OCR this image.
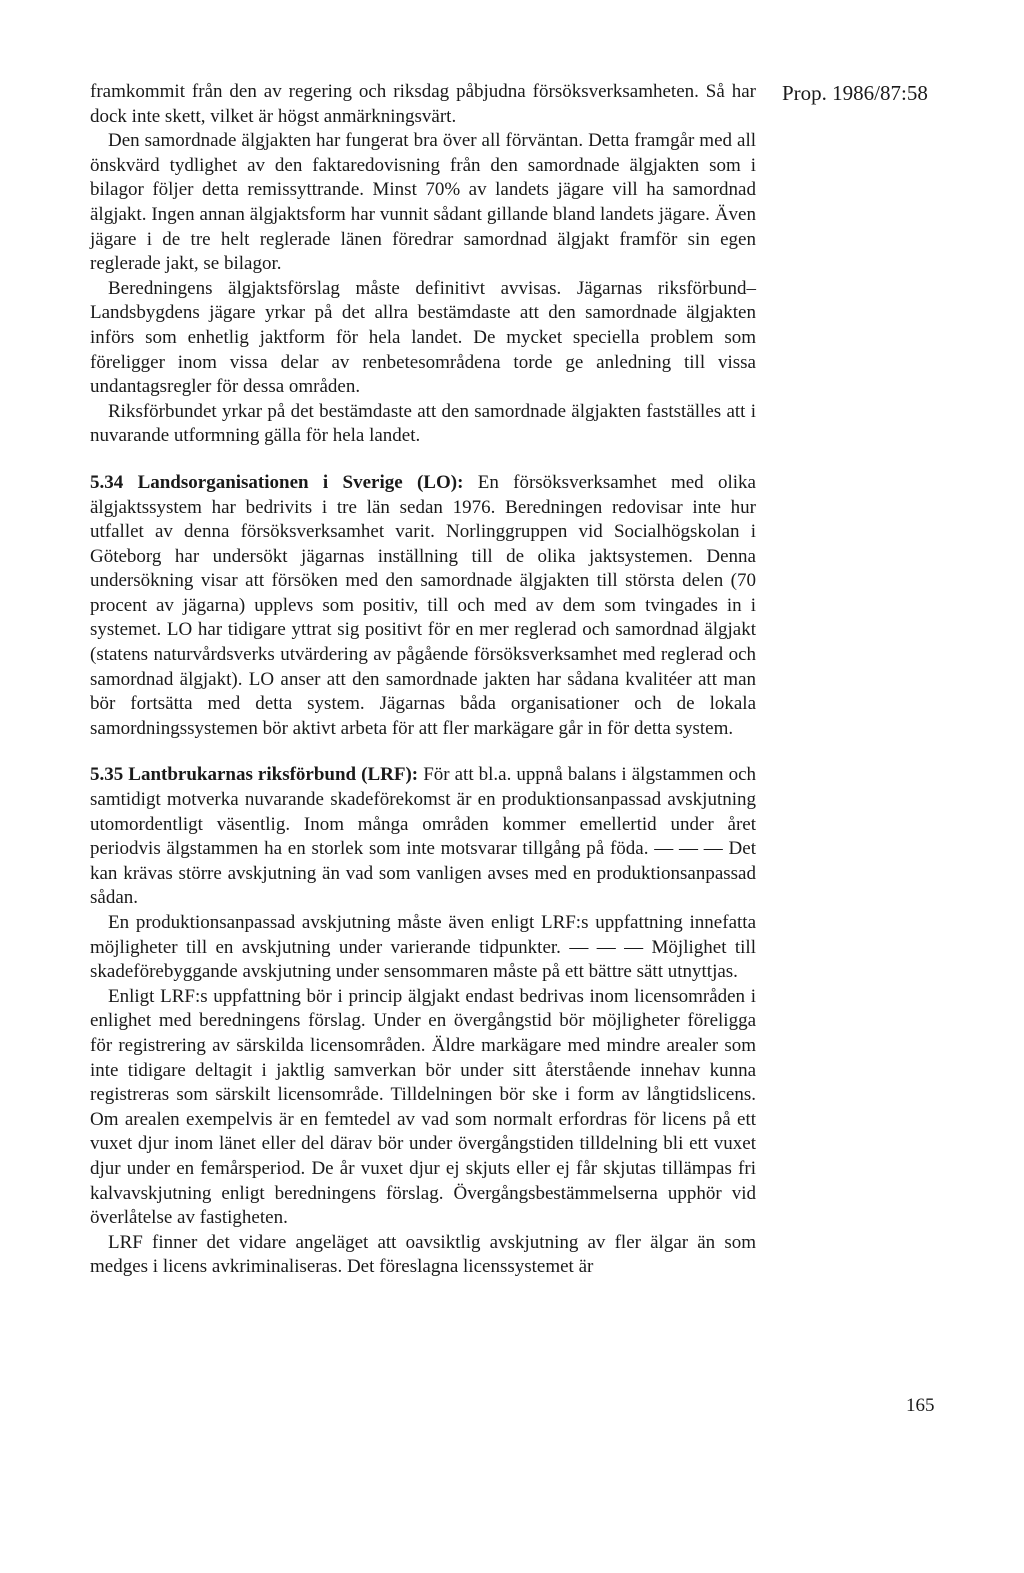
Prop. 1986/87:58

framkommit från den av regering och riksdag påbjudna försöksverksamheten. Så har dock inte skett, vilket är högst anmärkningsvärt.

Den samordnade älgjakten har fungerat bra över all förväntan. Detta framgår med all önskvärd tydlighet av den faktaredovisning från den samordnade älgjakten som i bilagor följer detta remissyttrande. Minst 70% av landets jägare vill ha samordnad älgjakt. Ingen annan älgjaktsform har vunnit sådant gillande bland landets jägare. Även jägare i de tre helt reglerade länen föredrar samordnad älgjakt framför sin egen reglerade jakt, se bilagor.

Beredningens älgjaktsförslag måste definitivt avvisas. Jägarnas riksförbund–Landsbygdens jägare yrkar på det allra bestämdaste att den samordnade älgjakten införs som enhetlig jaktform för hela landet. De mycket speciella problem som föreligger inom vissa delar av renbetesområdena torde ge anledning till vissa undantagsregler för dessa områden.

Riksförbundet yrkar på det bestämdaste att den samordnade älgjakten fastställes att i nuvarande utformning gälla för hela landet.

5.34 Landsorganisationen i Sverige (LO): En försöksverksamhet med olika älgjaktssystem har bedrivits i tre län sedan 1976. Beredningen redovisar inte hur utfallet av denna försöksverksamhet varit. Norlinggruppen vid Socialhögskolan i Göteborg har undersökt jägarnas inställning till de olika jaktsystemen. Denna undersökning visar att försöken med den samordnade älgjakten till största delen (70 procent av jägarna) upplevs som positiv, till och med av dem som tvingades in i systemet. LO har tidigare yttrat sig positivt för en mer reglerad och samordnad älgjakt (statens naturvårdsverks utvärdering av pågående försöksverksamhet med reglerad och samordnad älgjakt). LO anser att den samordnade jakten har sådana kvalitéer att man bör fortsätta med detta system. Jägarnas båda organisationer och de lokala samordningssystemen bör aktivt arbeta för att fler markägare går in för detta system.

5.35 Lantbrukarnas riksförbund (LRF): För att bl.a. uppnå balans i älgstammen och samtidigt motverka nuvarande skadeförekomst är en produktionsanpassad avskjutning utomordentligt väsentlig. Inom många områden kommer emellertid under året periodvis älgstammen ha en storlek som inte motsvarar tillgång på föda. — — — Det kan krävas större avskjutning än vad som vanligen avses med en produktionsanpassad sådan.

En produktionsanpassad avskjutning måste även enligt LRF:s uppfattning innefatta möjligheter till en avskjutning under varierande tidpunkter. — — — Möjlighet till skadeförebyggande avskjutning under sensommaren måste på ett bättre sätt utnyttjas.

Enligt LRF:s uppfattning bör i princip älgjakt endast bedrivas inom licensområden i enlighet med beredningens förslag. Under en övergångstid bör möjligheter föreligga för registrering av särskilda licensområden. Äldre markägare med mindre arealer som inte tidigare deltagit i jaktlig samverkan bör under sitt återstående innehav kunna registreras som särskilt licensområde. Tilldelningen bör ske i form av långtidslicens. Om arealen exempelvis är en femtedel av vad som normalt erfordras för licens på ett vuxet djur inom länet eller del därav bör under övergångstiden tilldelning bli ett vuxet djur under en femårsperiod. De år vuxet djur ej skjuts eller ej får skjutas tillämpas fri kalvavskjutning enligt beredningens förslag. Övergångsbestämmelserna upphör vid överlåtelse av fastigheten.

LRF finner det vidare angeläget att oavsiktlig avskjutning av fler älgar än som medges i licens avkriminaliseras. Det föreslagna licenssystemet är

165
